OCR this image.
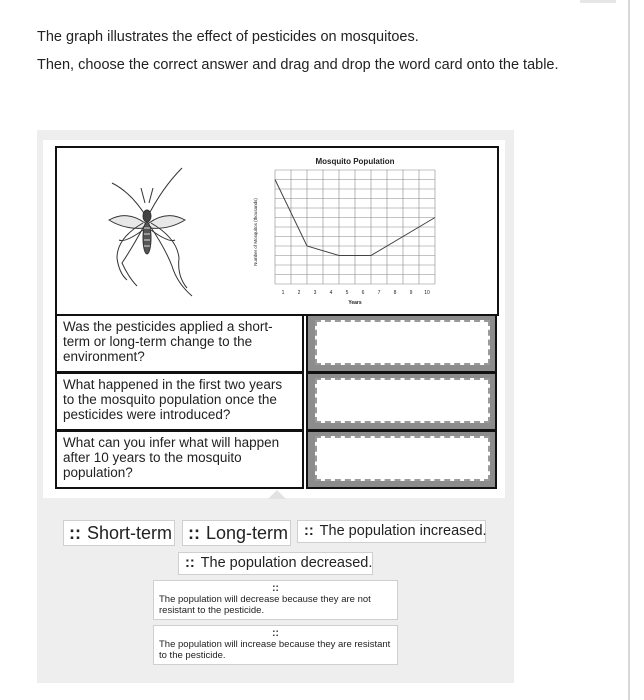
The graph illustrates the effect of pesticides on mosquitoes.
Then, choose the correct answer and drag and drop the word card onto the table.
Mosquito Population
Number of Mosquitos (thousands)
Years
1	2	3	4	5	6	7	8	9 10
Was the pesticides applied a short-term or long-term change to the environment?
What happened in the first two years to the mosquito population once the pesticides were introduced?
What can you infer what will happen after 10 years to the mosquito population?
:: Short-term :: Long-term	:: The population increased.
:: The population decreased.
::
The population will decrease because they are not resistant to the pesticide.
::
The population will increase because they are resistant to the pesticide.
